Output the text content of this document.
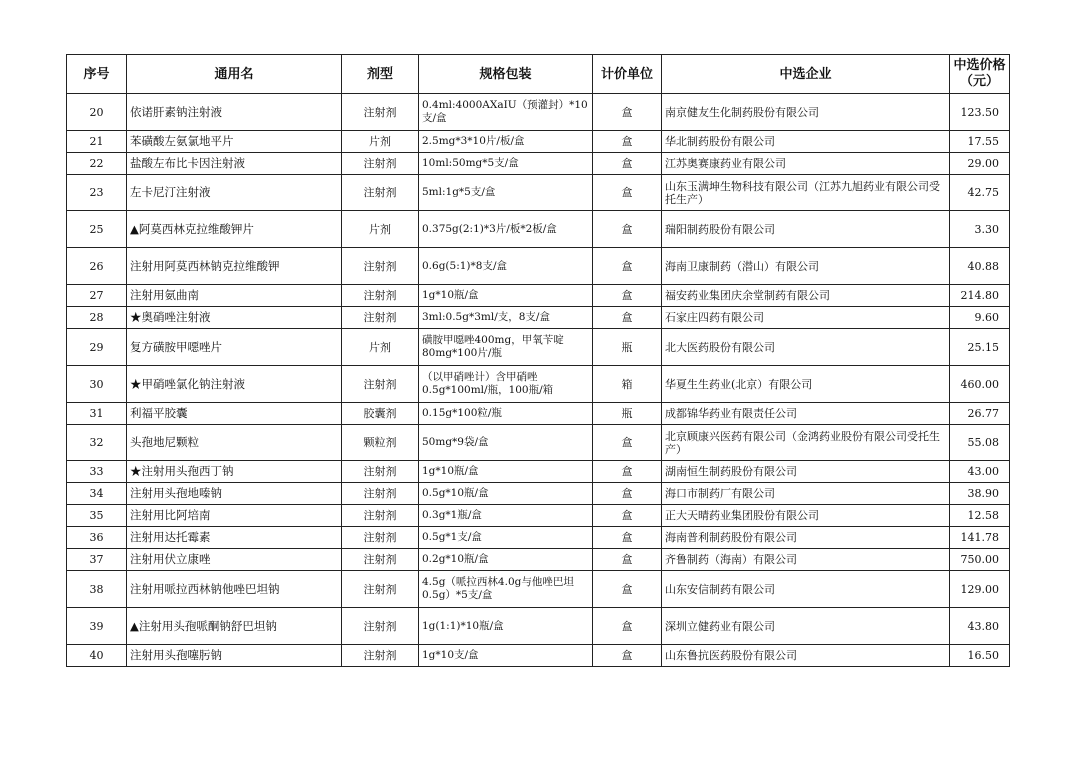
序号	通用名	剂型	规格包装	计价单位	中选企业	中选价格
（元）
20	依诺肝素钠注射液	注射剂	0.4ml:4000AXaIU（预灌封）*10支/盒	盒	南京健友生化制药股份有限公司	123.50
21	苯磺酸左氨氯地平片	片剂	2.5mg*3*10片/板/盒	盒	华北制药股份有限公司	17.55
22	盐酸左布比卡因注射液	注射剂	10ml:50mg*5支/盒	盒	江苏奥赛康药业有限公司	29.00
23	左卡尼汀注射液	注射剂	5ml:1g*5支/盒	盒	山东玉满坤生物科技有限公司（江苏九旭药业有限公司受托生产）	42.75
25	▲阿莫西林克拉维酸钾片	片剂	0.375g(2:1)*3片/板*2板/盒	盒	瑞阳制药股份有限公司	3.30
26	注射用阿莫西林钠克拉维酸钾	注射剂	0.6g(5:1)*8支/盒	盒	海南卫康制药（潜山）有限公司	40.88
27	注射用氨曲南	注射剂	1g*10瓶/盒	盒	福安药业集团庆余堂制药有限公司	214.80
28	★奥硝唑注射液	注射剂	3ml:0.5g*3ml/支，8支/盒	盒	石家庄四药有限公司	9.60
29	复方磺胺甲噁唑片	片剂	磺胺甲噁唑400mg，甲氧苄啶80mg*100片/瓶	瓶	北大医药股份有限公司	25.15
30	★甲硝唑氯化钠注射液	注射剂	（以甲硝唑计）含甲硝唑0.5g*100ml/瓶，100瓶/箱	箱	华夏生生药业(北京）有限公司	460.00
31	利福平胶囊	胶囊剂	0.15g*100粒/瓶	瓶	成都锦华药业有限责任公司	26.77
32	头孢地尼颗粒	颗粒剂	50mg*9袋/盒	盒	北京顾康兴医药有限公司（金鸿药业股份有限公司受托生产）	55.08
33	★注射用头孢西丁钠	注射剂	1g*10瓶/盒	盒	湖南恒生制药股份有限公司	43.00
34	注射用头孢地嗪钠	注射剂	0.5g*10瓶/盒	盒	海口市制药厂有限公司	38.90
35	注射用比阿培南	注射剂	0.3g*1瓶/盒	盒	正大天晴药业集团股份有限公司	12.58
36	注射用达托霉素	注射剂	0.5g*1支/盒	盒	海南普利制药股份有限公司	141.78
37	注射用伏立康唑	注射剂	0.2g*10瓶/盒	盒	齐鲁制药（海南）有限公司	750.00
38	注射用哌拉西林钠他唑巴坦钠	注射剂	4.5g（哌拉西林4.0g与他唑巴坦0.5g）*5支/盒	盒	山东安信制药有限公司	129.00
39	▲注射用头孢哌酮钠舒巴坦钠	注射剂	1g(1:1)*10瓶/盒	盒	深圳立健药业有限公司	43.80
40	注射用头孢噻肟钠	注射剂	1g*10支/盒	盒	山东鲁抗医药股份有限公司	16.50
